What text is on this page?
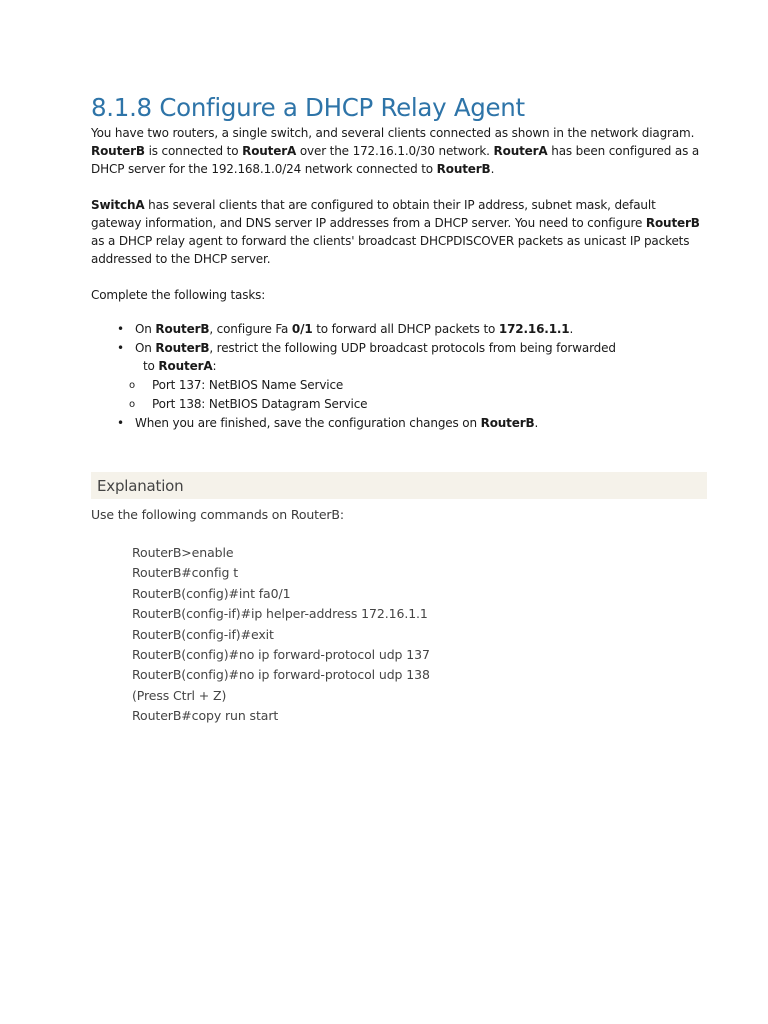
8.1.8 Configure a DHCP Relay Agent

You have two routers, a single switch, and several clients connected as shown in the network diagram. RouterB is connected to RouterA over the 172.16.1.0/30 network. RouterA has been configured as a DHCP server for the 192.168.1.0/24 network connected to RouterB.

SwitchA has several clients that are configured to obtain their IP address, subnet mask, default gateway information, and DNS server IP addresses from a DHCP server. You need to configure RouterB as a DHCP relay agent to forward the clients' broadcast DHCPDISCOVER packets as unicast IP packets addressed to the DHCP server.

Complete the following tasks:

• On RouterB, configure Fa 0/1 to forward all DHCP packets to 172.16.1.1.
• On RouterB, restrict the following UDP broadcast protocols from being forwarded
to RouterA:
o Port 137: NetBIOS Name Service
o Port 138: NetBIOS Datagram Service
• When you are finished, save the configuration changes on RouterB.
Explanation
Use the following commands on RouterB:
RouterB>enable
RouterB#config t
RouterB(config)#int fa0/1
RouterB(config-if)#ip helper-address 172.16.1.1
RouterB(config-if)#exit
RouterB(config)#no ip forward-protocol udp 137
RouterB(config)#no ip forward-protocol udp 138
(Press Ctrl + Z)
RouterB#copy run start
